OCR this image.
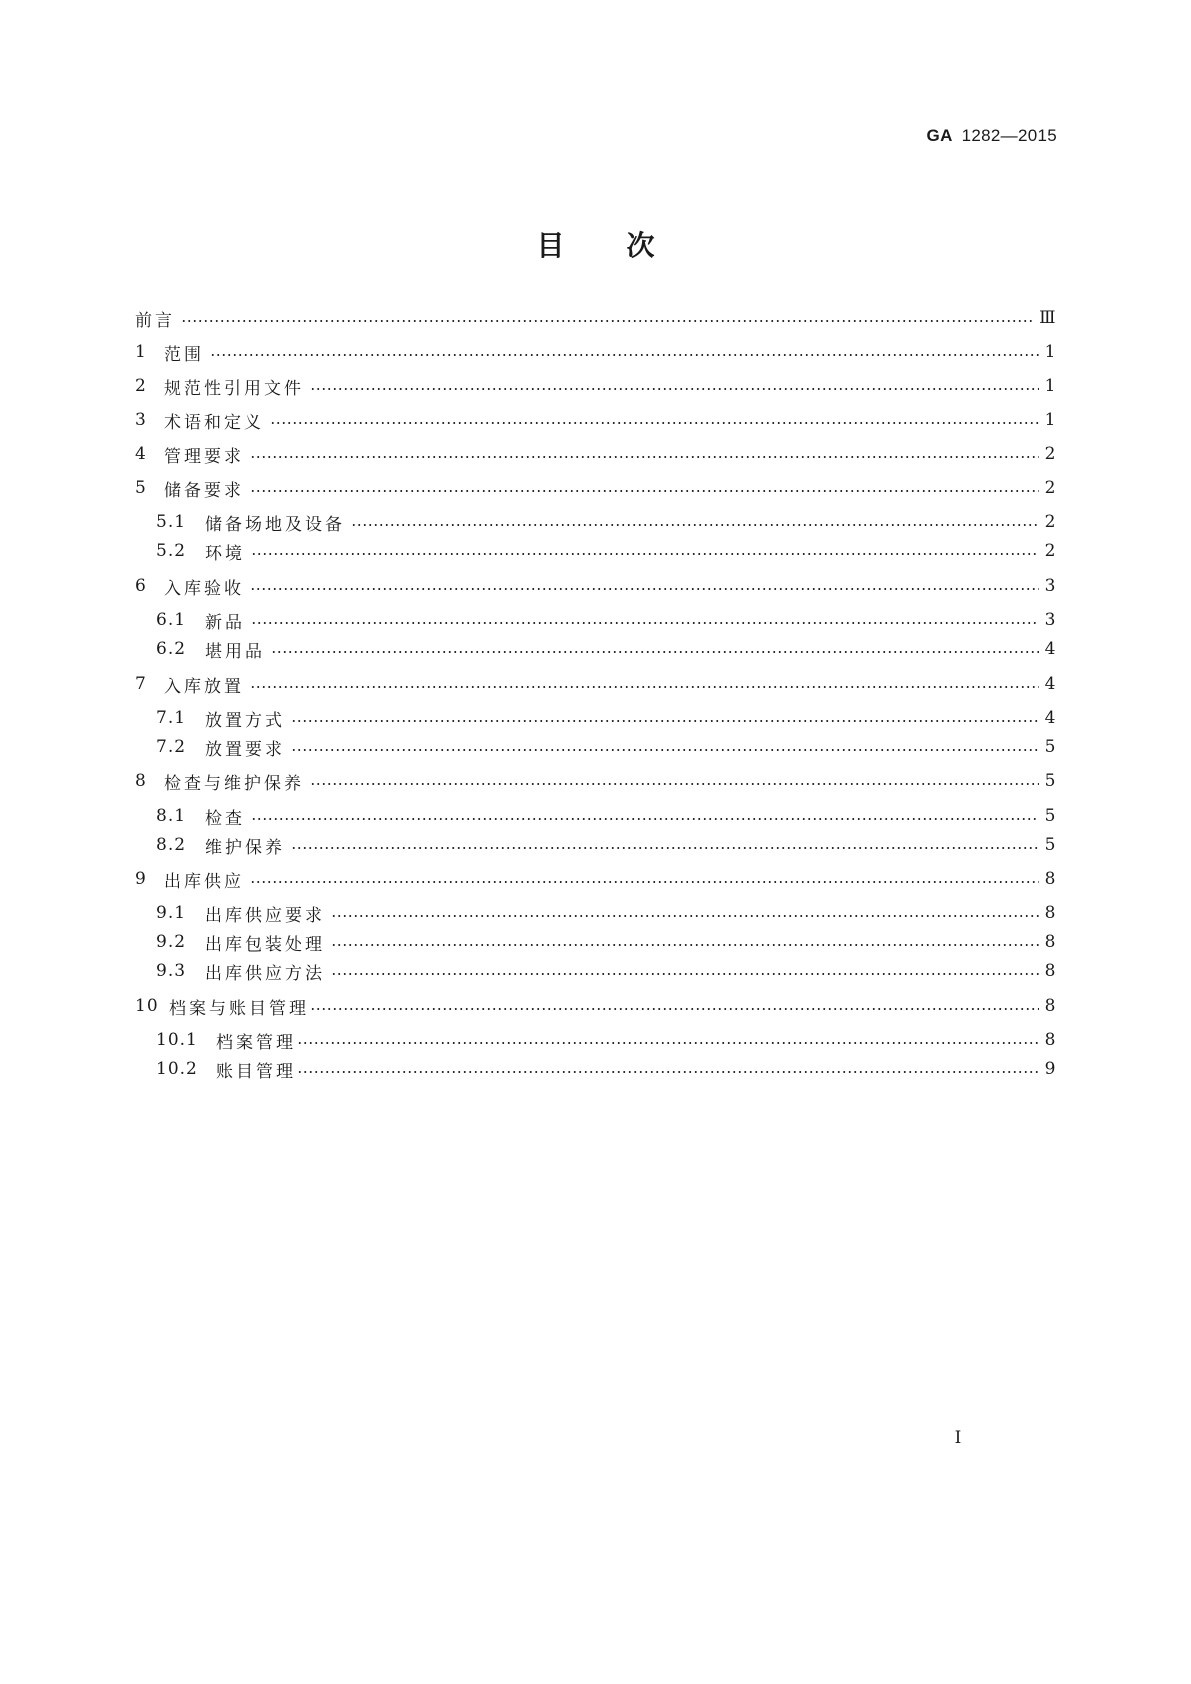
GA 1282—2015
目次
前言	Ⅲ
1	范围	1
2	规范性引用文件	1
3	术语和定义	1
4	管理要求	2
5	储备要求	2
5.1	储备场地及设备	2
5.2	环境	2
6	入库验收	3
6.1	新品	3
6.2	堪用品	4
7	入库放置	4
7.1	放置方式	4
7.2	放置要求	5
8	检查与维护保养	5
8.1	检查	5
8.2	维护保养	5
9	出库供应	8
9.1	出库供应要求	8
9.2	出库包装处理	8
9.3	出库供应方法	8
10 档案与账目管理	8
10.1	档案管理	8
10.2	账目管理	9
I
